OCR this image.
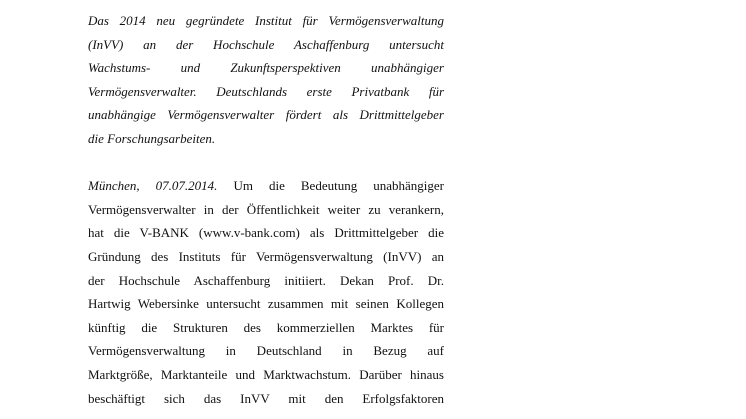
Das 2014 neu gegründete Institut für Vermögensverwaltung
(InVV) an der Hochschule Aschaffenburg untersucht
Wachstums- und Zukunftsperspektiven unabhängiger
Vermögensverwalter. Deutschlands erste Privatbank für
unabhängige Vermögensverwalter fördert als Drittmittelgeber
die Forschungsarbeiten.
München, 07.07.2014. Um die Bedeutung unabhängiger
Vermögensverwalter in der Öffentlichkeit weiter zu verankern,
hat die V-BANK (www.v-bank.com) als Drittmittelgeber die
Gründung des Instituts für Vermögensverwaltung (InVV) an
der Hochschule Aschaffenburg initiiert. Dekan Prof. Dr.
Hartwig Webersinke untersucht zusammen mit seinen Kollegen
künftig die Strukturen des kommerziellen Marktes für
Vermögensverwaltung in Deutschland in Bezug auf
Marktgröße, Marktanteile und Marktwachstum. Darüber hinaus
beschäftigt sich das InVV mit den Erfolgsfaktoren
